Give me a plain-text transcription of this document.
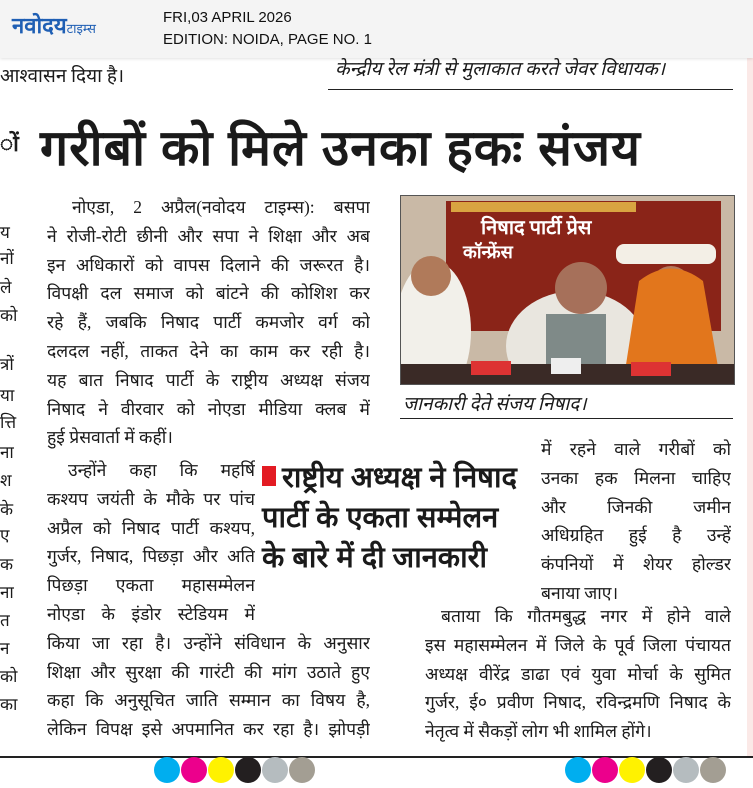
नवोदयटाइम्स
FRI,03 APRIL 2026
EDITION: NOIDA, PAGE NO. 1
आश्वासन दिया है।	केन्द्रीय रेल मंत्री से मुलाकात करते जेवर विधायक।
ों
य
नों
ले
को
त्रों
या
त्ति
ना
श
के
ए
क
ना
त
न
को
का
गरीबों को मिले उनका हकः संजय
नोएडा, 2 अप्रैल(नवोदय टाइम्स): बसपा
ने रोजी-रोटी छीनी और सपा ने शिक्षा और अब
इन अधिकारों को वापस दिलाने की जरूरत है।
विपक्षी दल समाज को बांटने की कोशिश कर
रहे हैं, जबकि निषाद पार्टी कमजोर वर्ग को
दलदल नहीं, ताकत देने का काम कर रही है।
यह बात निषाद पार्टी के राष्ट्रीय अध्यक्ष संजय
निषाद ने वीरवार को नोएडा मीडिया क्लब में
हुई प्रेसवार्ता में कहीं।
उन्होंने कहा कि महर्षि
कश्यप जयंती के मौके पर पांच
अप्रैल को निषाद पार्टी कश्यप,
गुर्जर, निषाद, पिछड़ा और अति
पिछड़ा एकता महासम्मेलन
नोएडा के इंडोर स्टेडियम में
किया जा रहा है। उन्होंने संविधान के अनुसार
शिक्षा और सुरक्षा की गारंटी की मांग उठाते हुए
कहा कि अनुसूचित जाति सम्मान का विषय है,
लेकिन विपक्ष इसे अपमानित कर रहा है। झोपड़ी
में रहने वाले गरीबों को
उनका हक मिलना चाहिए
और जिनकी जमीन
अधिग्रहित हुई है उन्हें
कंपनियों में शेयर होल्डर
बनाया जाए।
बताया कि गौतमबुद्ध नगर में होने वाले
इस महासम्मेलन में जिले के पूर्व जिला पंचायत
अध्यक्ष वीरेंद्र डाढा एवं युवा मोर्चा के सुमित
गुर्जर, ई० प्रवीण निषाद, रविन्द्रमणि निषाद के
नेतृत्व में सैकड़ों लोग भी शामिल होंगे।
निषाद पार्टी प्रेस
कॉन्फ्रेंस
जानकारी देते संजय निषाद।
राष्ट्रीय अध्यक्ष ने निषाद
पार्टी के एकता सम्मेलन
के बारे में दी जानकारी
